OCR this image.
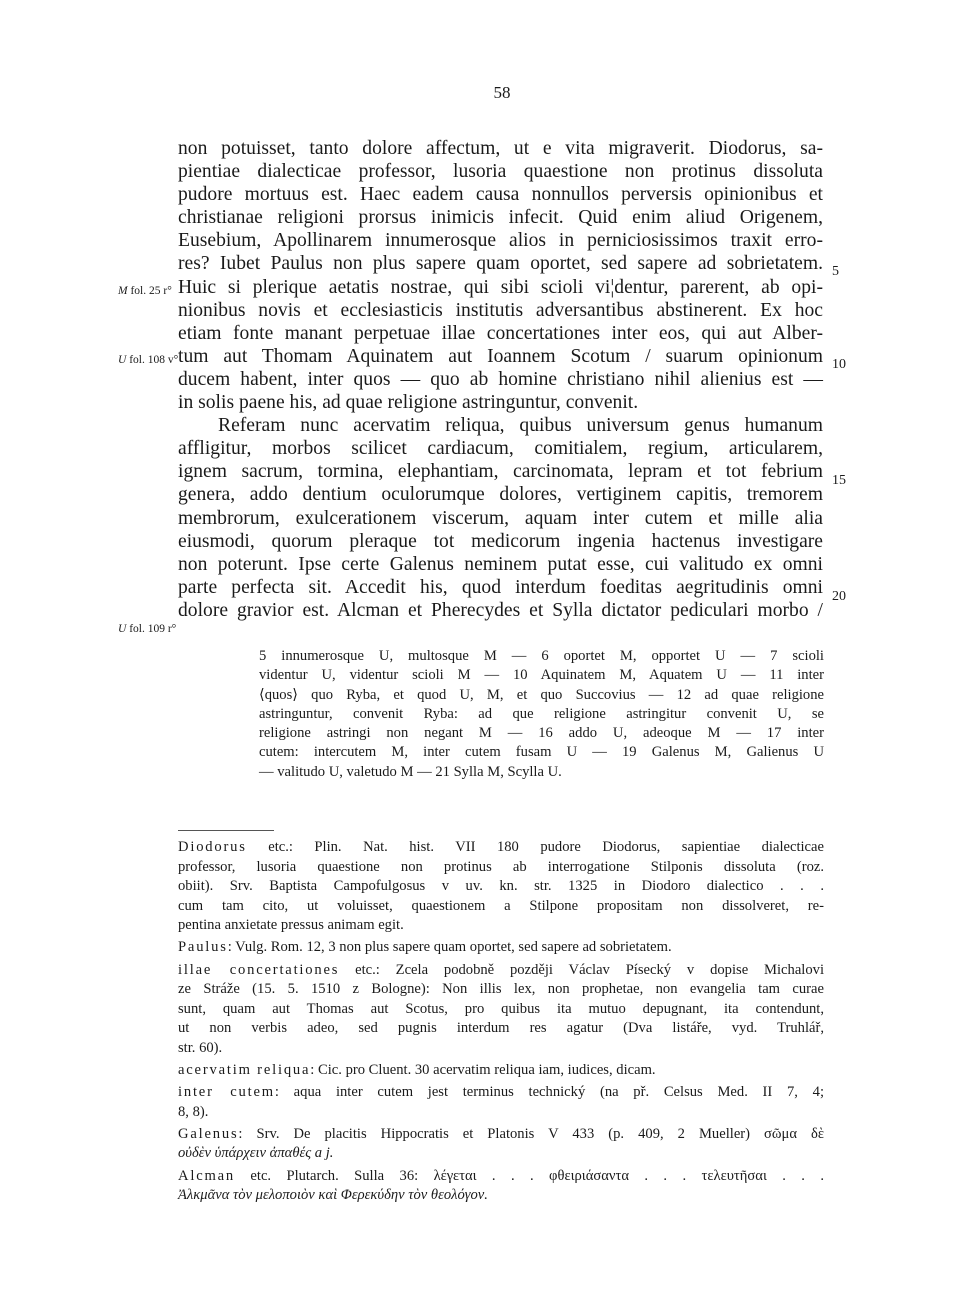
58
M fol. 25 r°
U fol. 108 v°
U fol. 109 r°
5
10
15
20
non potuisset, tanto dolore affectum, ut e vita migraverit. Diodorus, sa-
pientiae dialecticae professor, lusoria quaestione non protinus dissoluta
pudore mortuus est. Haec eadem causa nonnullos perversis opinionibus et
christianae religioni prorsus inimicis infecit. Quid enim aliud Origenem,
Eusebium, Apollinarem innumerosque alios in perniciosissimos traxit erro-
res? Iubet Paulus non plus sapere quam oportet, sed sapere ad sobrietatem.
Huic si plerique aetatis nostrae, qui sibi scioli vi¦dentur, parerent, ab opi-
nionibus novis et ecclesiasticis institutis adversantibus abstinerent. Ex hoc
etiam fonte manant perpetuae illae concertationes inter eos, qui aut Alber-
tum aut Thomam Aquinatem aut Ioannem Scotum / suarum opinionum
ducem habent, inter quos — quo ab homine christiano nihil alienius est —
in solis paene his, ad quae religione astringuntur, convenit.
Referam nunc acervatim reliqua, quibus universum genus humanum
affligitur, morbos scilicet cardiacum, comitialem, regium, articularem,
ignem sacrum, tormina, elephantiam, carcinomata, lepram et tot febrium
genera, addo dentium oculorumque dolores, vertiginem capitis, tremorem
membrorum, exulcerationem viscerum, aquam inter cutem et mille alia
eiusmodi, quorum pleraque tot medicorum ingenia hactenus investigare
non poterunt. Ipse certe Galenus neminem putat esse, cui valitudo ex omni
parte perfecta sit. Accedit his, quod interdum foeditas aegritudinis omni
dolore gravior est. Alcman et Pherecydes et Sylla dictator pediculari morbo /
5 innumerosque U, multosque M — 6 oportet M, opportet U — 7 scioli
videntur U, videntur scioli M — 10 Aquinatem M, Aquatem U — 11 inter
⟨quos⟩ quo Ryba, et quod U, M, et quo Succovius — 12 ad quae religione
astringuntur, convenit Ryba: ad que religione astringitur convenit U, se
religione astringi non negant M — 16 addo U, adeoque M — 17 inter
cutem: intercutem M, inter cutem fusam U — 19 Galenus M, Galienus U
— valitudo U, valetudo M — 21 Sylla M, Scylla U.
Diodorus etc.: Plin. Nat. hist. VII 180 pudore Diodorus, sapientiae dialecticae
professor, lusoria quaestione non protinus ab interrogatione Stilponis dissoluta (roz.
obiit). Srv. Baptista Campofulgosus v uv. kn. str. 1325 in Diodoro dialectico . . .
cum tam cito, ut voluisset, quaestionem a Stilpone propositam non dissolveret, re-
pentina anxietate pressus animam egit.
Paulus: Vulg. Rom. 12, 3 non plus sapere quam oportet, sed sapere ad sobrietatem.
illae concertationes etc.: Zcela podobně později Václav Písecký v dopise Michalovi
ze Stráže (15. 5. 1510 z Bologne): Non illis lex, non prophetae, non evangelia tam curae
sunt, quam aut Thomas aut Scotus, pro quibus ita mutuo depugnant, ita contendunt,
ut non verbis adeo, sed pugnis interdum res agatur (Dva listáře, vyd. Truhlář,
str. 60).
acervatim reliqua: Cic. pro Cluent. 30 acervatim reliqua iam, iudices, dicam.
inter cutem: aqua inter cutem jest terminus technický (na př. Celsus Med. II 7, 4;
8, 8).
Galenus: Srv. De placitis Hippocratis et Platonis V 433 (p. 409, 2 Mueller) σῶμα δὲ
οὐδὲν ὑπάρχειν ἀπαθές a j.
Alcman etc. Plutarch. Sulla 36: λέγεται . . . φθειριάσαντα . . . τελευτῆσαι . . .
Ἀλκμᾶνα τὸν μελοποιὸν καὶ Φερεκύδην τὸν θεολόγον.
